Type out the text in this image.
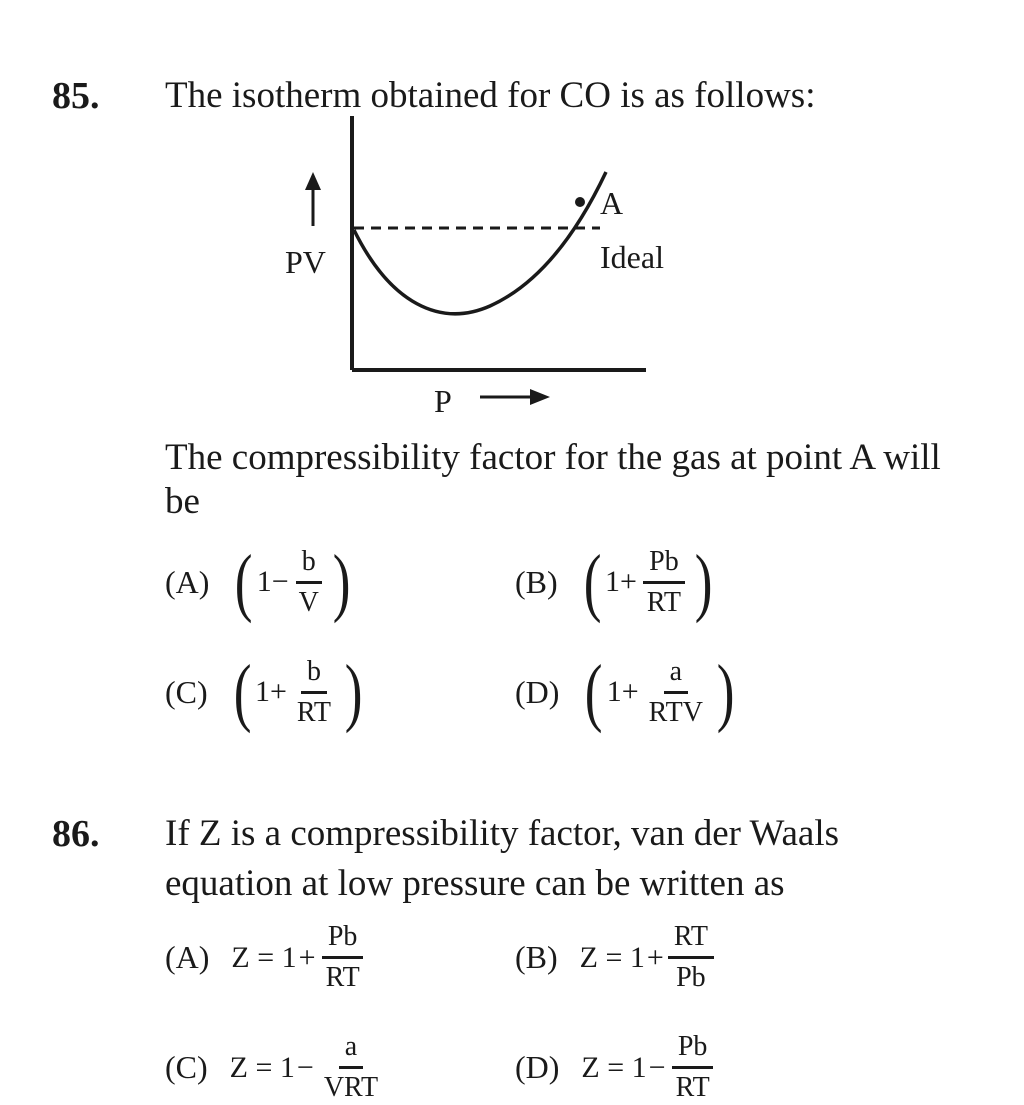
85. The isotherm obtained for CO is as follows:
PV
A
Ideal
P
The compressibility factor for the gas at point A will be
(A) ( $1 - \frac{b}{V}$ )	(B) ( $1 + \frac{Pb}{RT}$ )
(C) ( $1 + \frac{b}{RT}$ )	(D) ( $1 + \frac{a}{\text{RTV}}$ )
86. If Z is a compressibility factor, van der Waals
equation at low pressure can be written as
(A) $Z = 1 + \frac{Pb}{RT}$	(B) $Z = 1 + \frac{RT}{Pb}$
(C) $Z = 1 - \frac{a}{\text{VRT}}$	(D) $Z = 1 - \frac{Pb}{RT}$
